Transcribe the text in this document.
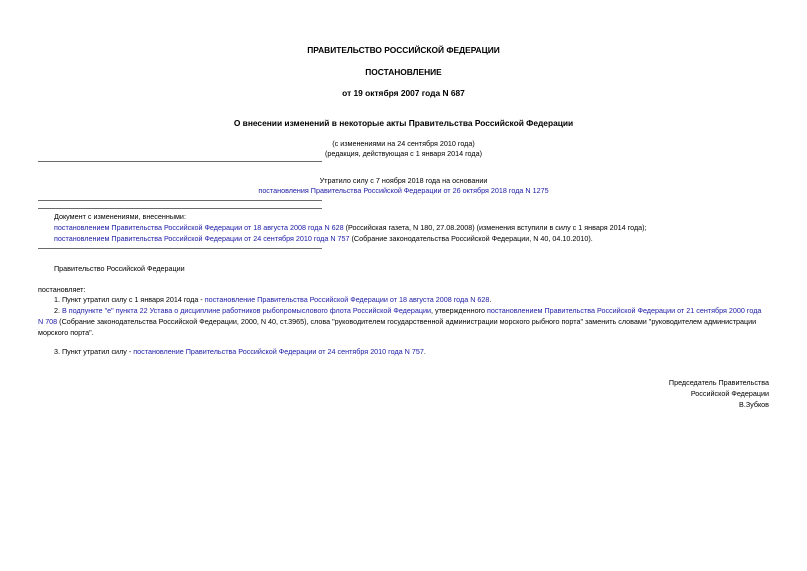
ПРАВИТЕЛЬСТВО РОССИЙСКОЙ ФЕДЕРАЦИИ
ПОСТАНОВЛЕНИЕ
от 19 октября 2007 года N 687
О внесении изменений в некоторые акты Правительства Российской Федерации
(с изменениями на 24 сентября 2010 года)
(редакция, действующая с 1 января 2014 года)
Утратило силу с 7 ноября 2018 года на основании
постановления Правительства Российской Федерации от 26 октября 2018 года N 1275
Документ с изменениями, внесенными:
постановлением Правительства Российской Федерации от 18 августа 2008 года N 628 (Российская газета, N 180, 27.08.2008) (изменения вступили в силу с 1 января 2014 года);
постановлением Правительства Российской Федерации от 24 сентября 2010 года N 757 (Собрание законодательства Российской Федерации, N 40, 04.10.2010).
Правительство Российской Федерации
постановляет:
1. Пункт утратил силу с 1 января 2014 года - постановление Правительства Российской Федерации от 18 августа 2008 года N 628.
2. В подпункте "е" пункта 22 Устава о дисциплине работников рыбопромыслового флота Российской Федерации, утвержденного постановлением Правительства Российской Федерации от 21 сентября 2000 года N 708 (Собрание законодательства Российской Федерации, 2000, N 40, ст.3965), слова "руководителем государственной администрации морского рыбного порта" заменить словами "руководителем администрации морского порта".
3. Пункт утратил силу - постановление Правительства Российской Федерации от 24 сентября 2010 года N 757.
Председатель Правительства
Российской Федерации
В.Зубков
